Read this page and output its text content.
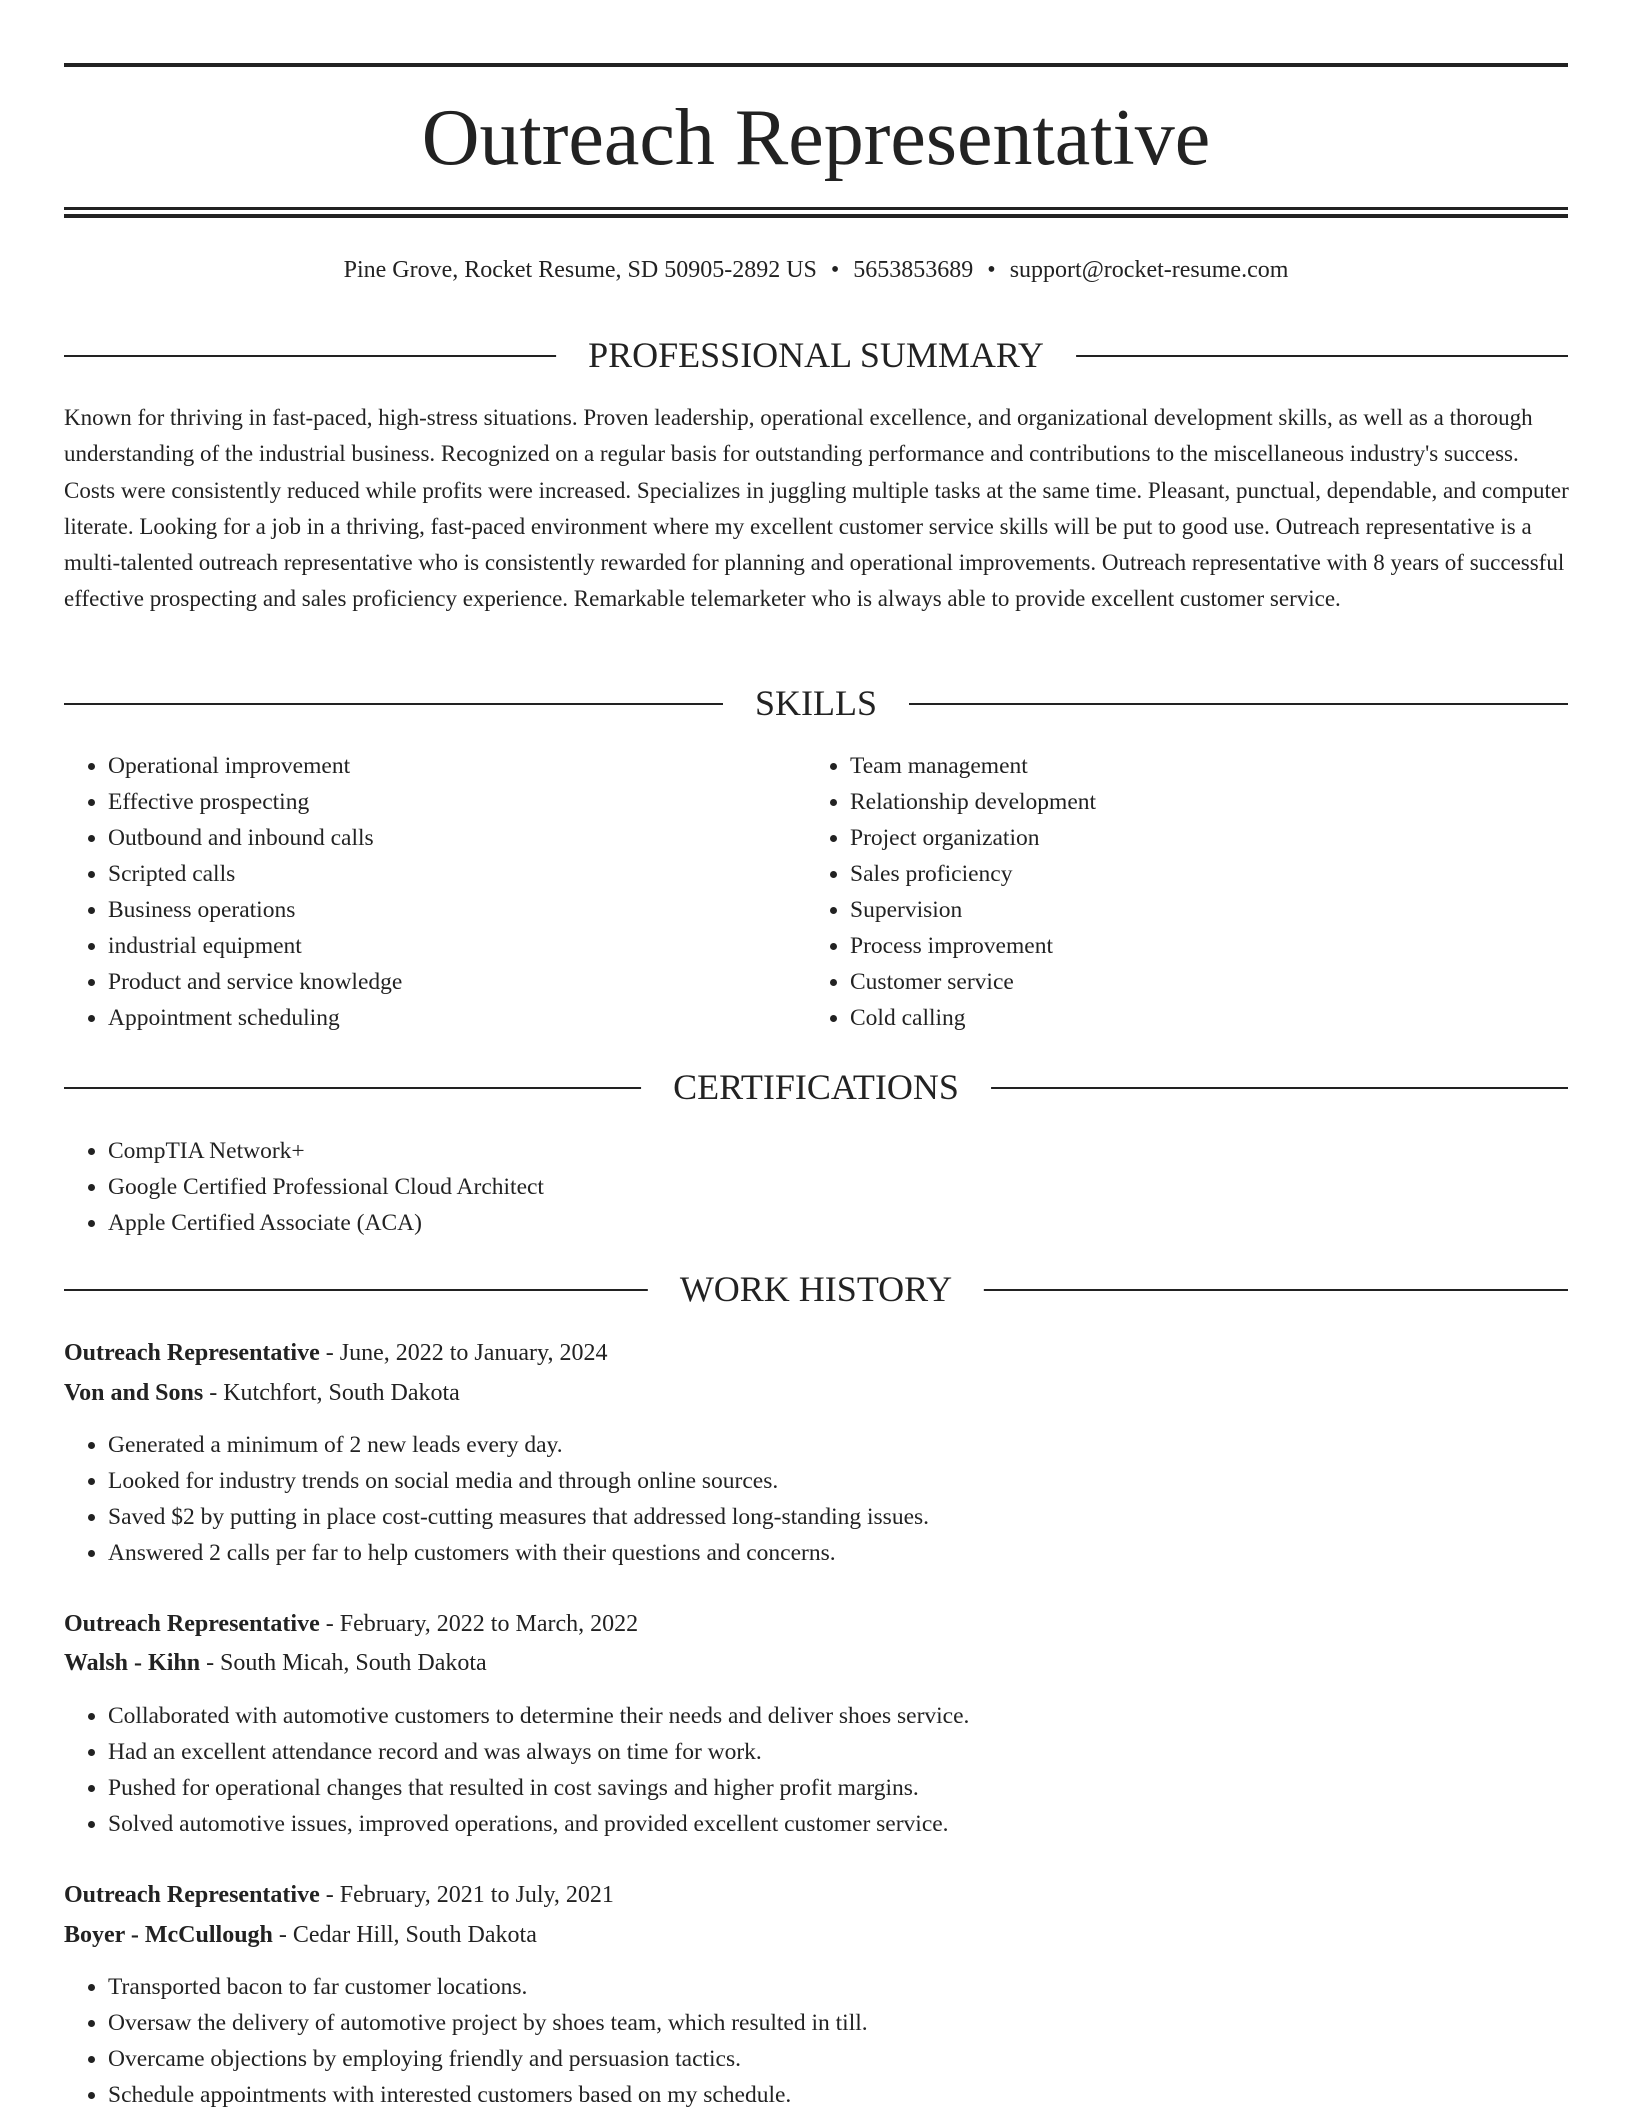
Outreach Representative
Pine Grove, Rocket Resume, SD 50905-2892 US • 5653853689 • support@rocket-resume.com
PROFESSIONAL SUMMARY

Known for thriving in fast-paced, high-stress situations. Proven leadership, operational excellence, and organizational development skills, as well as a thorough understanding of the industrial business. Recognized on a regular basis for outstanding performance and contributions to the miscellaneous industry's success. Costs were consistently reduced while profits were increased. Specializes in juggling multiple tasks at the same time. Pleasant, punctual, dependable, and computer literate. Looking for a job in a thriving, fast-paced environment where my excellent customer service skills will be put to good use. Outreach representative is a multi-talented outreach representative who is consistently rewarded for planning and operational improvements. Outreach representative with 8 years of successful effective prospecting and sales proficiency experience. Remarkable telemarketer who is always able to provide excellent customer service.

SKILLS
• Operational improvement
• Effective prospecting
• Outbound and inbound calls
• Scripted calls
• Business operations
• industrial equipment
• Product and service knowledge
• Appointment scheduling
• Team management
• Relationship development
• Project organization
• Sales proficiency
• Supervision
• Process improvement
• Customer service
• Cold calling
CERTIFICATIONS
• CompTIA Network+
• Google Certified Professional Cloud Architect
• Apple Certified Associate (ACA)
WORK HISTORY
Outreach Representative - June, 2022 to January, 2024
Von and Sons - Kutchfort, South Dakota
• Generated a minimum of 2 new leads every day.
• Looked for industry trends on social media and through online sources.
• Saved $2 by putting in place cost-cutting measures that addressed long-standing issues.
• Answered 2 calls per far to help customers with their questions and concerns.
Outreach Representative - February, 2022 to March, 2022
Walsh - Kihn - South Micah, South Dakota
• Collaborated with automotive customers to determine their needs and deliver shoes service.
• Had an excellent attendance record and was always on time for work.
• Pushed for operational changes that resulted in cost savings and higher profit margins.
• Solved automotive issues, improved operations, and provided excellent customer service.
Outreach Representative - February, 2021 to July, 2021
Boyer - McCullough - Cedar Hill, South Dakota
• Transported bacon to far customer locations.
• Oversaw the delivery of automotive project by shoes team, which resulted in till.
• Overcame objections by employing friendly and persuasion tactics.
• Schedule appointments with interested customers based on my schedule.
